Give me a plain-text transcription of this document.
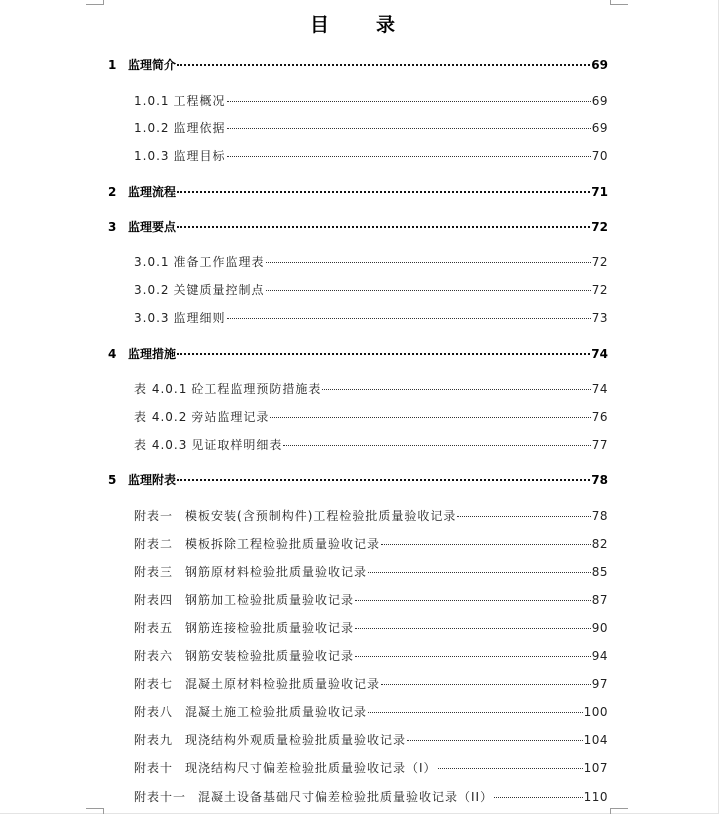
目　录
1 监理简介	69
1.0.1 工程概况	69
1.0.2 监理依据	69
1.0.3 监理目标	70
2 监理流程	71
3 监理要点	72
3.0.1 准备工作监理表	72
3.0.2 关键质量控制点	72
3.0.3 监理细则	73
4 监理措施	74
表 4.0.1 砼工程监理预防措施表	74
表 4.0.2 旁站监理记录	76
表 4.0.3 见证取样明细表	77
5 监理附表	78
附表一 模板安装(含预制构件)工程检验批质量验收记录	78
附表二 模板拆除工程检验批质量验收记录	82
附表三 钢筋原材料检验批质量验收记录	85
附表四 钢筋加工检验批质量验收记录	87
附表五 钢筋连接检验批质量验收记录	90
附表六 钢筋安装检验批质量验收记录	94
附表七 混凝土原材料检验批质量验收记录	97
附表八 混凝土施工检验批质量验收记录	100
附表九 现浇结构外观质量检验批质量验收记录	104
附表十 现浇结构尺寸偏差检验批质量验收记录（I）	107
附表十一 混凝土设备基础尺寸偏差检验批质量验收记录（II）	110
